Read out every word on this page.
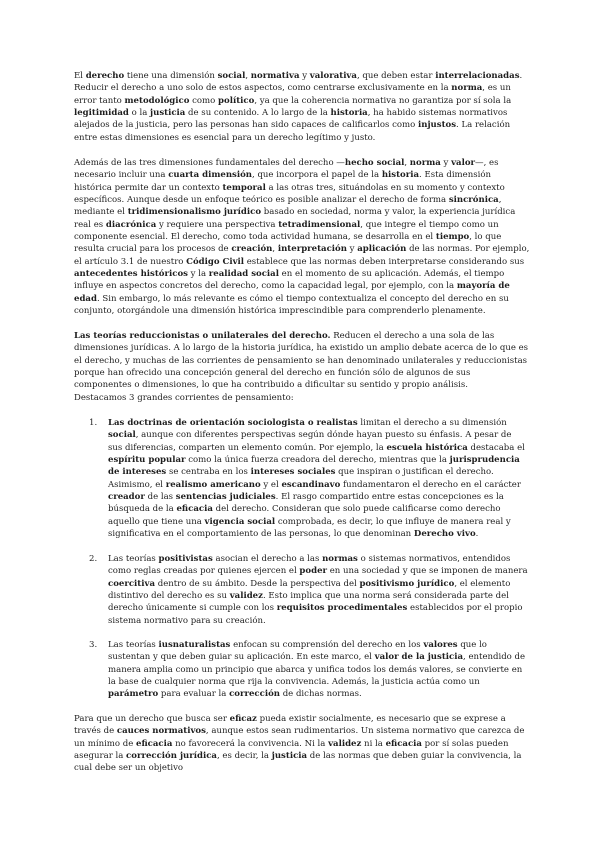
El derecho tiene una dimensión social, normativa y valorativa, que deben estar interrelacionadas. Reducir el derecho a uno solo de estos aspectos, como centrarse exclusivamente en la norma, es un error tanto metodológico como político, ya que la coherencia normativa no garantiza por sí sola la legitimidad o la justicia de su contenido. A lo largo de la historia, ha habido sistemas normativos alejados de la justicia, pero las personas han sido capaces de calificarlos como injustos. La relación entre estas dimensiones es esencial para un derecho legítimo y justo.

Además de las tres dimensiones fundamentales del derecho —hecho social, norma y valor—, es necesario incluir una cuarta dimensión, que incorpora el papel de la historia. Esta dimensión histórica permite dar un contexto temporal a las otras tres, situándolas en su momento y contexto específicos. Aunque desde un enfoque teórico es posible analizar el derecho de forma sincrónica, mediante el tridimensionalismo jurídico basado en sociedad, norma y valor, la experiencia jurídica real es diacrónica y requiere una perspectiva tetradimensional, que integre el tiempo como un componente esencial. El derecho, como toda actividad humana, se desarrolla en el tiempo, lo que resulta crucial para los procesos de creación, interpretación y aplicación de las normas. Por ejemplo, el artículo 3.1 de nuestro Código Civil establece que las normas deben interpretarse considerando sus antecedentes históricos y la realidad social en el momento de su aplicación. Además, el tiempo influye en aspectos concretos del derecho, como la capacidad legal, por ejemplo, con la mayoría de edad. Sin embargo, lo más relevante es cómo el tiempo contextualiza el concepto del derecho en su conjunto, otorgándole una dimensión histórica imprescindible para comprenderlo plenamente.

Las teorías reduccionistas o unilaterales del derecho. Reducen el derecho a una sola de las dimensiones jurídicas. A lo largo de la historia jurídica, ha existido un amplio debate acerca de lo que es el derecho, y muchas de las corrientes de pensamiento se han denominado unilaterales y reduccionistas porque han ofrecido una concepción general del derecho en función sólo de algunos de sus componentes o dimensiones, lo que ha contribuido a dificultar su sentido y propio análisis.

Destacamos 3 grandes corrientes de pensamiento:

1. Las doctrinas de orientación sociologista o realistas limitan el derecho a su dimensión social, aunque con diferentes perspectivas según dónde hayan puesto su énfasis. A pesar de sus diferencias, comparten un elemento común. Por ejemplo, la escuela histórica destacaba el espíritu popular como la única fuerza creadora del derecho, mientras que la jurisprudencia de intereses se centraba en los intereses sociales que inspiran o justifican el derecho. Asimismo, el realismo americano y el escandinavo fundamentaron el derecho en el carácter creador de las sentencias judiciales. El rasgo compartido entre estas concepciones es la búsqueda de la eficacia del derecho. Consideran que solo puede calificarse como derecho aquello que tiene una vigencia social comprobada, es decir, lo que influye de manera real y significativa en el comportamiento de las personas, lo que denominan Derecho vivo.

2. Las teorías positivistas asocian el derecho a las normas o sistemas normativos, entendidos como reglas creadas por quienes ejercen el poder en una sociedad y que se imponen de manera coercitiva dentro de su ámbito. Desde la perspectiva del positivismo jurídico, el elemento distintivo del derecho es su validez. Esto implica que una norma será considerada parte del derecho únicamente si cumple con los requisitos procedimentales establecidos por el propio sistema normativo para su creación.

3. Las teorías iusnaturalistas enfocan su comprensión del derecho en los valores que lo sustentan y que deben guiar su aplicación. En este marco, el valor de la justicia, entendido de manera amplia como un principio que abarca y unifica todos los demás valores, se convierte en la base de cualquier norma que rija la convivencia. Además, la justicia actúa como un parámetro para evaluar la corrección de dichas normas.

Para que un derecho que busca ser eficaz pueda existir socialmente, es necesario que se exprese a través de cauces normativos, aunque estos sean rudimentarios. Un sistema normativo que carezca de un mínimo de eficacia no favorecerá la convivencia. Ni la validez ni la eficacia por sí solas pueden asegurar la corrección jurídica, es decir, la justicia de las normas que deben guiar la convivencia, la cual debe ser un objetivo
